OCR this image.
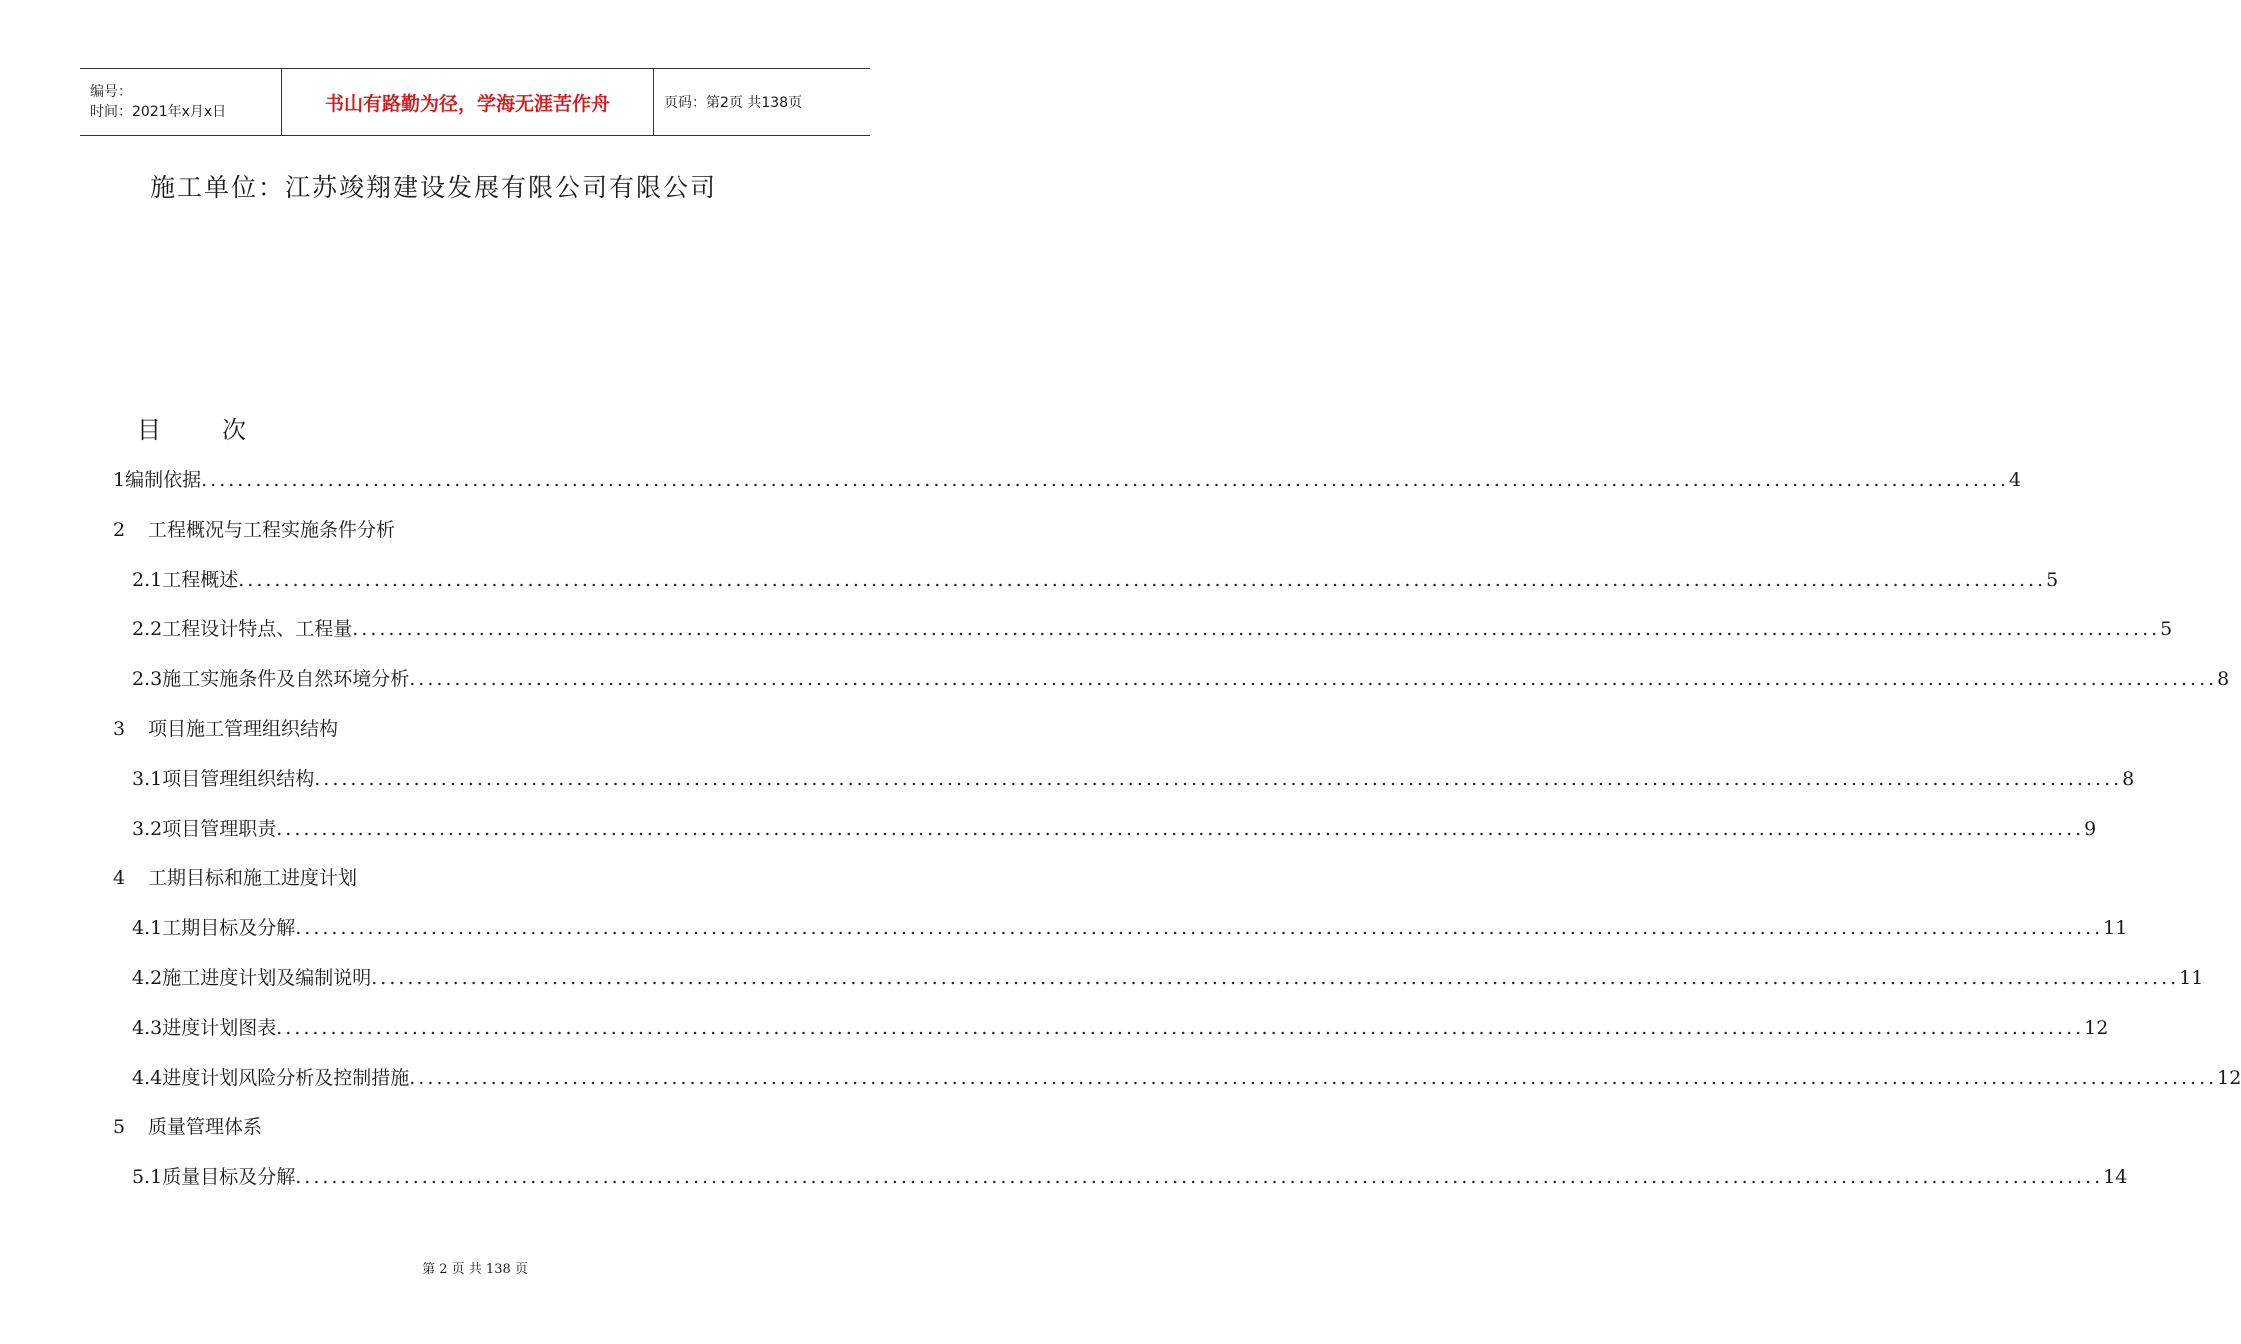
编号：
时间：2021年x月x日	书山有路勤为径，学海无涯苦作舟	页码：第2页 共138页
施工单位：江苏竣翔建设发展有限公司有限公司
目        次
1 编制依据 ........................................................................................................................................................................................................ 4
2	工程概况与工程实施条件分析
2.1 工程概述 ........................................................................................................................................................................................................ 5
2.2 工程设计特点、工程量 ........................................................................................................................................................................................................ 5
2.3 施工实施条件及自然环境分析 ........................................................................................................................................................................................................ 8
3	项目施工管理组织结构
3.1 项目管理组织结构 ........................................................................................................................................................................................................ 8
3.2 项目管理职责 ........................................................................................................................................................................................................ 9
4	工期目标和施工进度计划
4.1 工期目标及分解 ........................................................................................................................................................................................................ 11
4.2 施工进度计划及编制说明 ........................................................................................................................................................................................................ 11
4.3 进度计划图表 ........................................................................................................................................................................................................ 12
4.4 进度计划风险分析及控制措施 ........................................................................................................................................................................................................ 12
5	质量管理体系
5.1 质量目标及分解 ........................................................................................................................................................................................................ 14
第 2 页 共 138 页
